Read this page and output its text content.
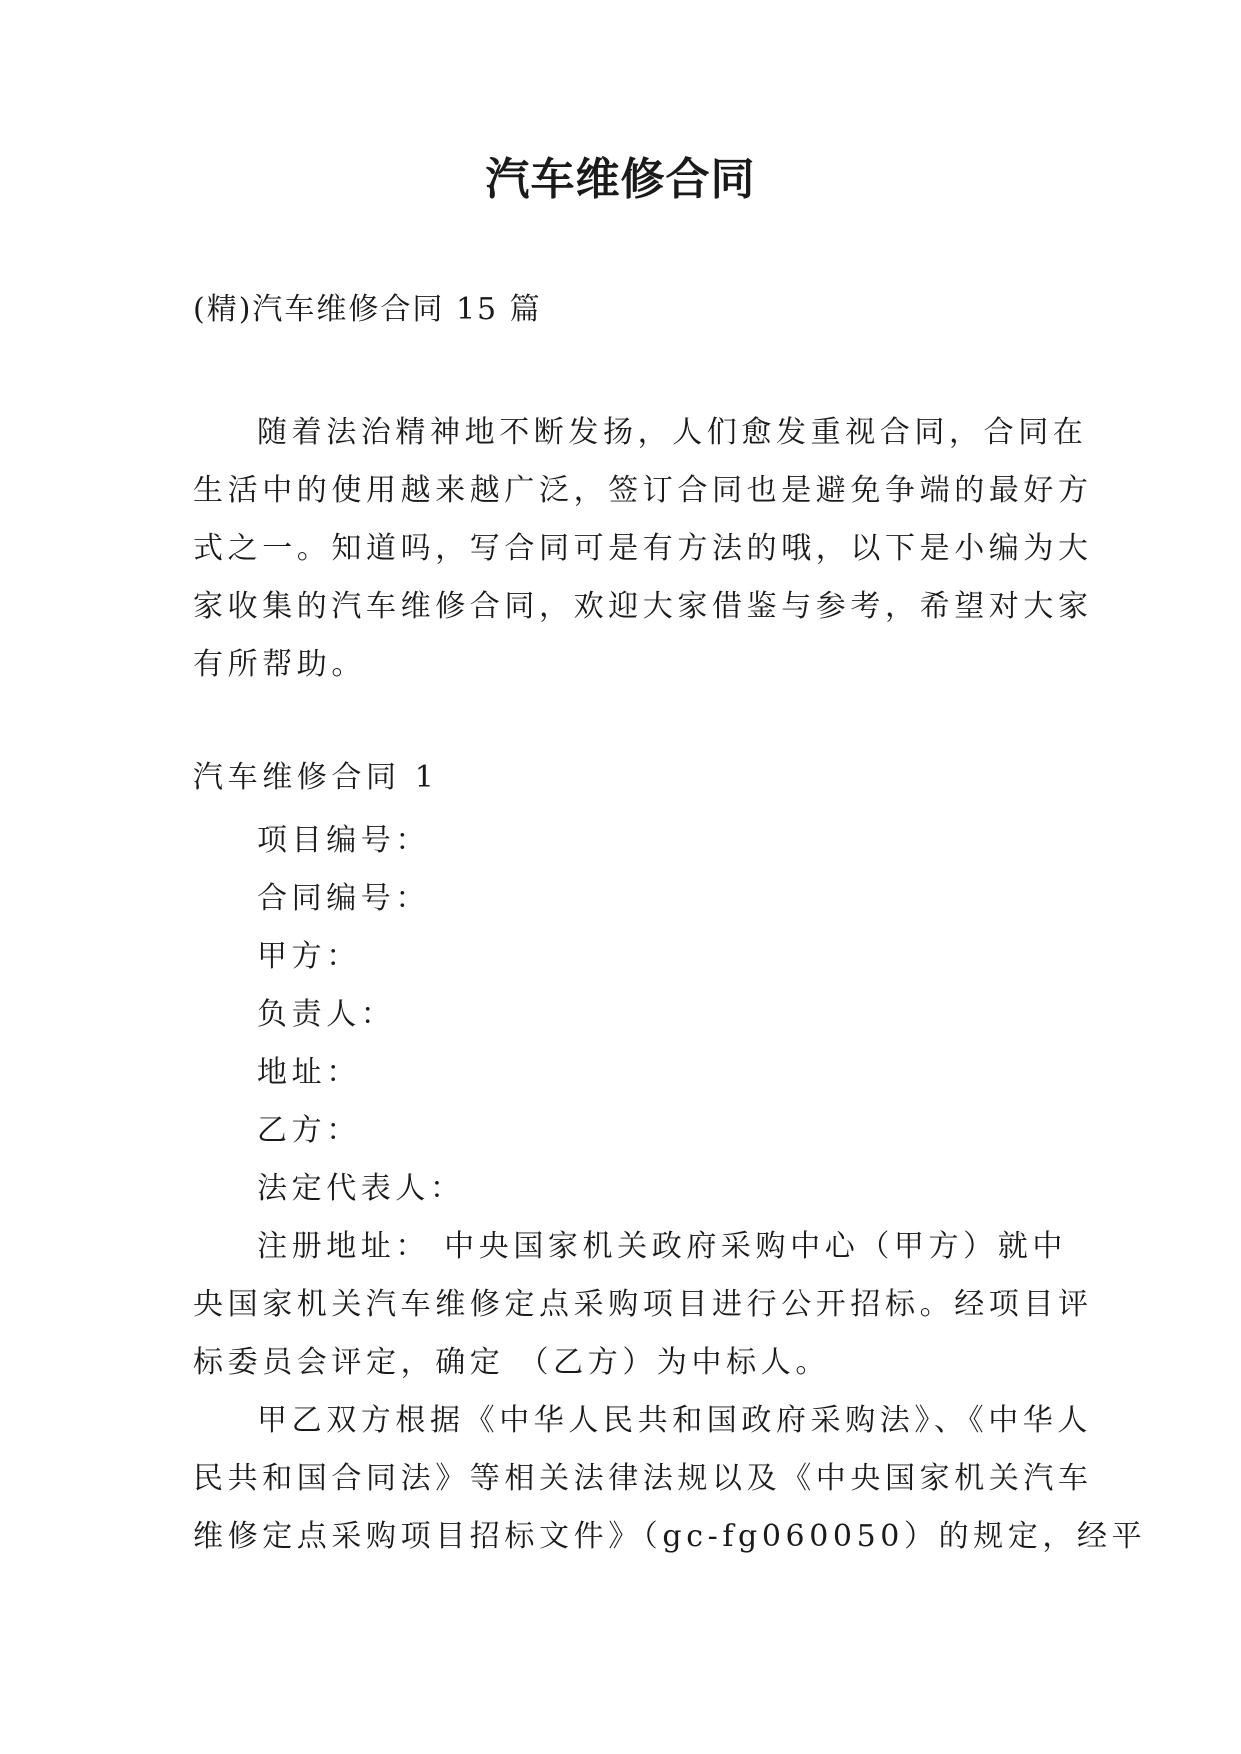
汽车维修合同
(精)汽车维修合同 15 篇
随着法治精神地不断发扬，人们愈发重视合同，合同在
生活中的使用越来越广泛，签订合同也是避免争端的最好方
式之一。知道吗，写合同可是有方法的哦，以下是小编为大
家收集的汽车维修合同，欢迎大家借鉴与参考，希望对大家
有所帮助。
汽车维修合同 1
项目编号：
合同编号：
甲方：
负责人：
地址：
乙方：
法定代表人：
注册地址： 中央国家机关政府采购中心（甲方）就中
央国家机关汽车维修定点采购项目进行公开招标。经项目评
标委员会评定，确定 （乙方）为中标人。
甲乙双方根据《中华人民共和国政府采购法》、《中华人
民共和国合同法》等相关法律法规以及《中央国家机关汽车
维修定点采购项目招标文件》（gc-fg060050）的规定，经平
